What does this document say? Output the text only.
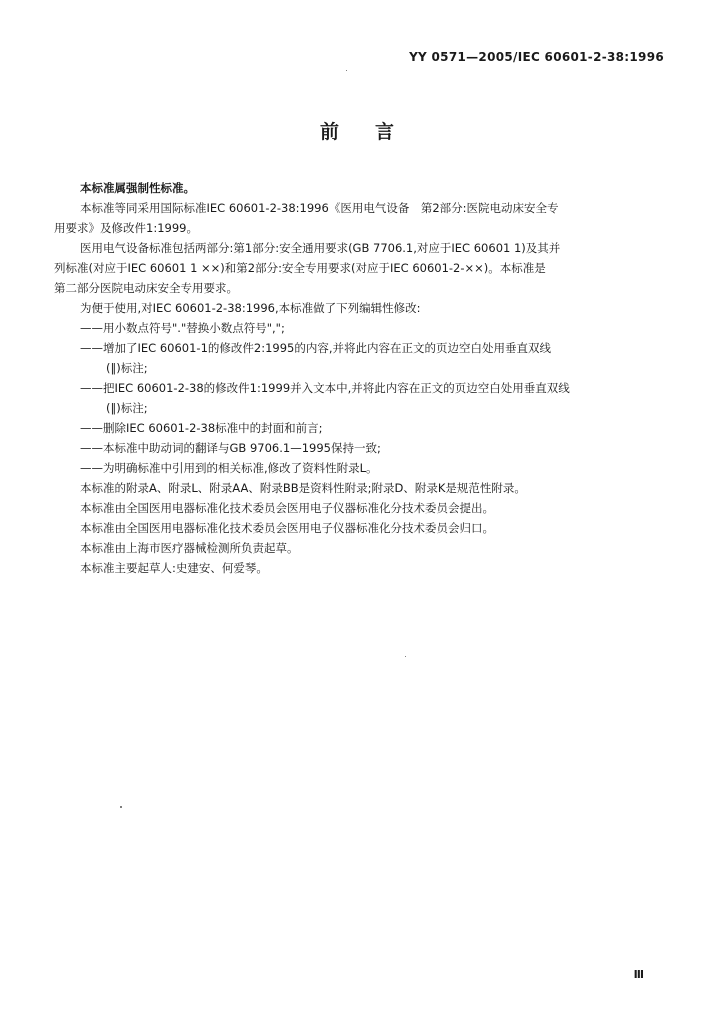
YY 0571—2005/IEC 60601-2-38:1996
前言

本标准属强制性标准。

本标准等同采用国际标准IEC 60601-2-38:1996《医用电气设备　第2部分:医院电动床安全专

用要求》及修改件1:1999。

医用电气设备标准包括两部分:第1部分:安全通用要求(GB 7706.1,对应于IEC 60601 1)及其并

列标准(对应于IEC 60601 1 ××)和第2部分:安全专用要求(对应于IEC 60601-2-××)。本标准是

第二部分医院电动床安全专用要求。

为便于使用,对IEC 60601-2-38:1996,本标准做了下列编辑性修改:

——用小数点符号"."替换小数点符号",";

——增加了IEC 60601-1的修改件2:1995的内容,并将此内容在正文的页边空白处用垂直双线

(‖)标注;

——把IEC 60601-2-38的修改件1:1999并入文本中,并将此内容在正文的页边空白处用垂直双线

(‖)标注;

——删除IEC 60601-2-38标准中的封面和前言;

——本标准中助动词的翻译与GB 9706.1—1995保持一致;

——为明确标准中引用到的相关标准,修改了资料性附录L。

本标准的附录A、附录L、附录AA、附录BB是资料性附录;附录D、附录K是规范性附录。

本标准由全国医用电器标准化技术委员会医用电子仪器标准化分技术委员会提出。

本标准由全国医用电器标准化技术委员会医用电子仪器标准化分技术委员会归口。

本标准由上海市医疗器械检测所负责起草。

本标准主要起草人:史建安、何爱琴。

Ⅲ
